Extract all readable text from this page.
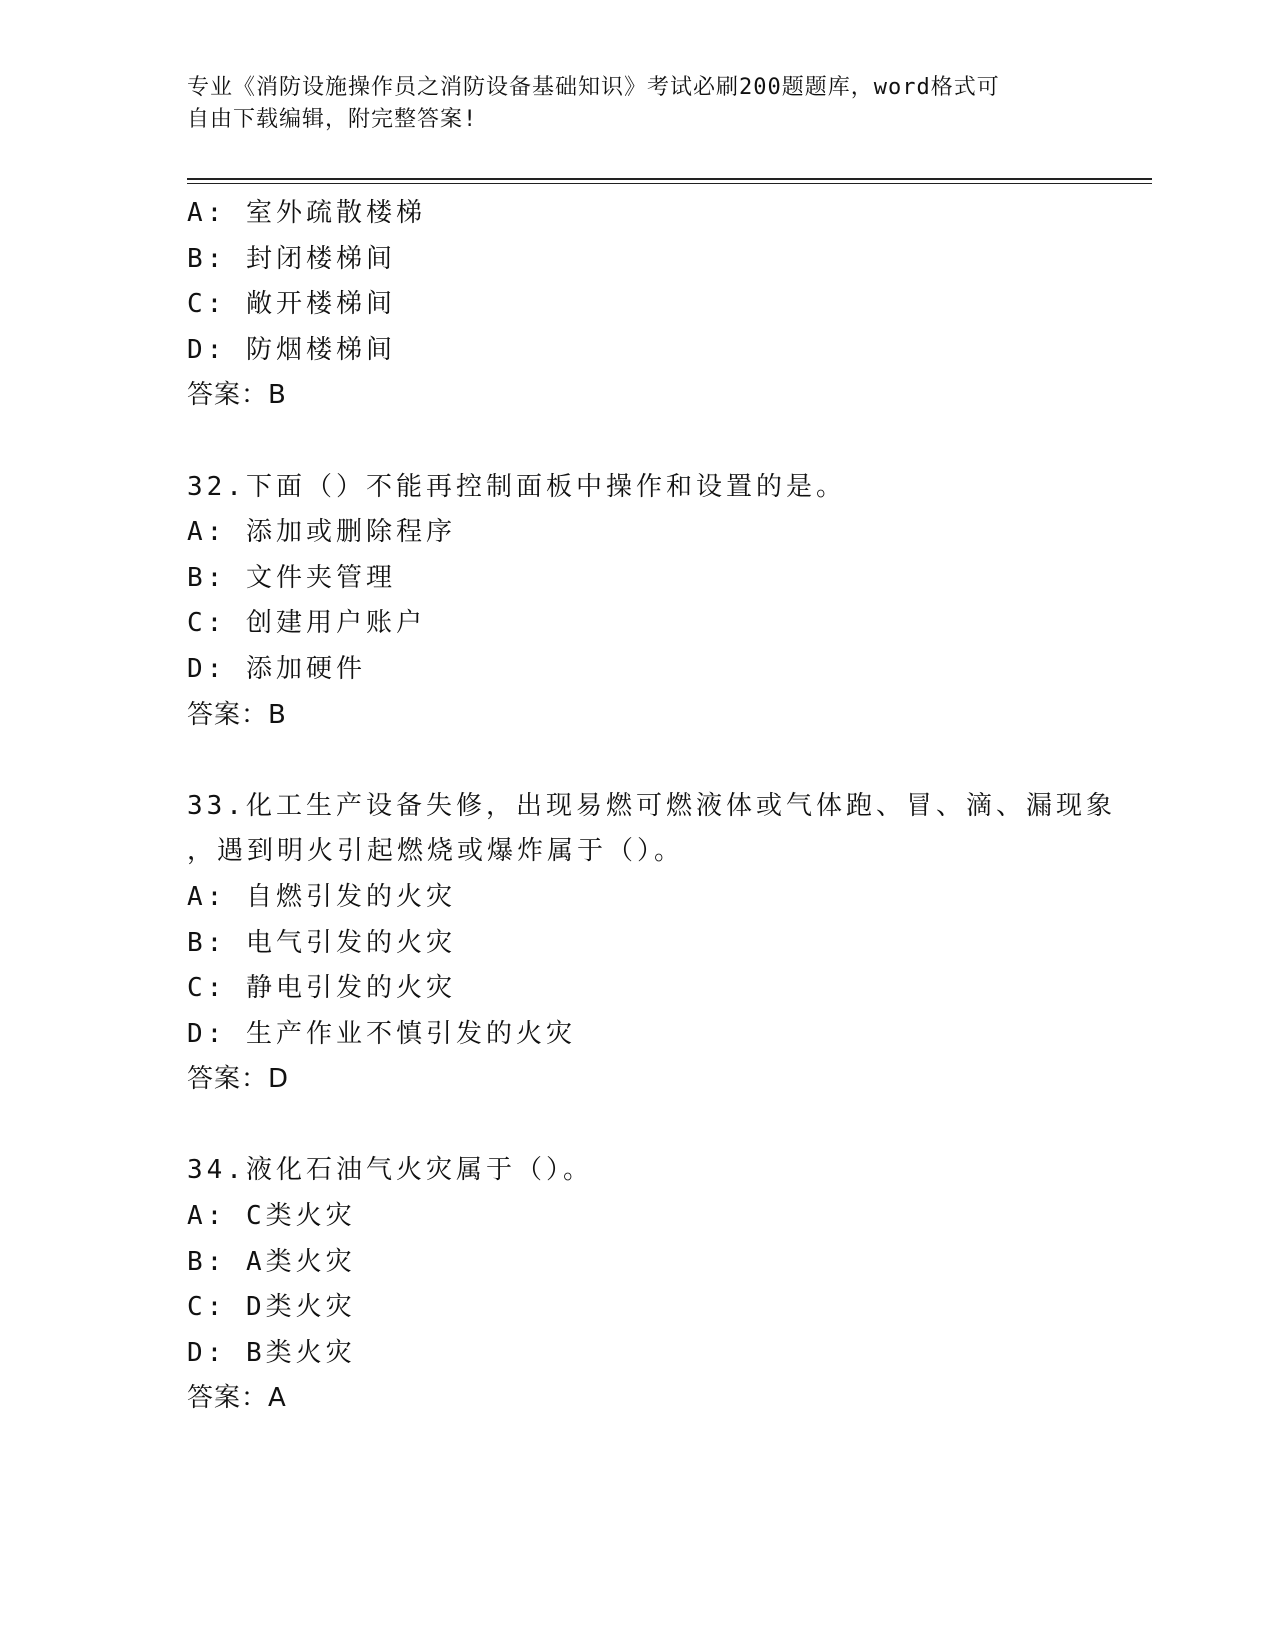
专业《消防设施操作员之消防设备基础知识》考试必刷200题题库，word格式可
自由下载编辑，附完整答案!
A: 室外疏散楼梯
B: 封闭楼梯间
C: 敞开楼梯间
D: 防烟楼梯间
答案：B
32.下面（）不能再控制面板中操作和设置的是。
A: 添加或删除程序
B: 文件夹管理
C: 创建用户账户
D: 添加硬件
答案：B
33.化工生产设备失修，出现易燃可燃液体或气体跑、冒、滴、漏现象
，遇到明火引起燃烧或爆炸属于（）。
A: 自燃引发的火灾
B: 电气引发的火灾
C: 静电引发的火灾
D: 生产作业不慎引发的火灾
答案：D
34.液化石油气火灾属于（）。
A: C类火灾
B: A类火灾
C: D类火灾
D: B类火灾
答案：A
